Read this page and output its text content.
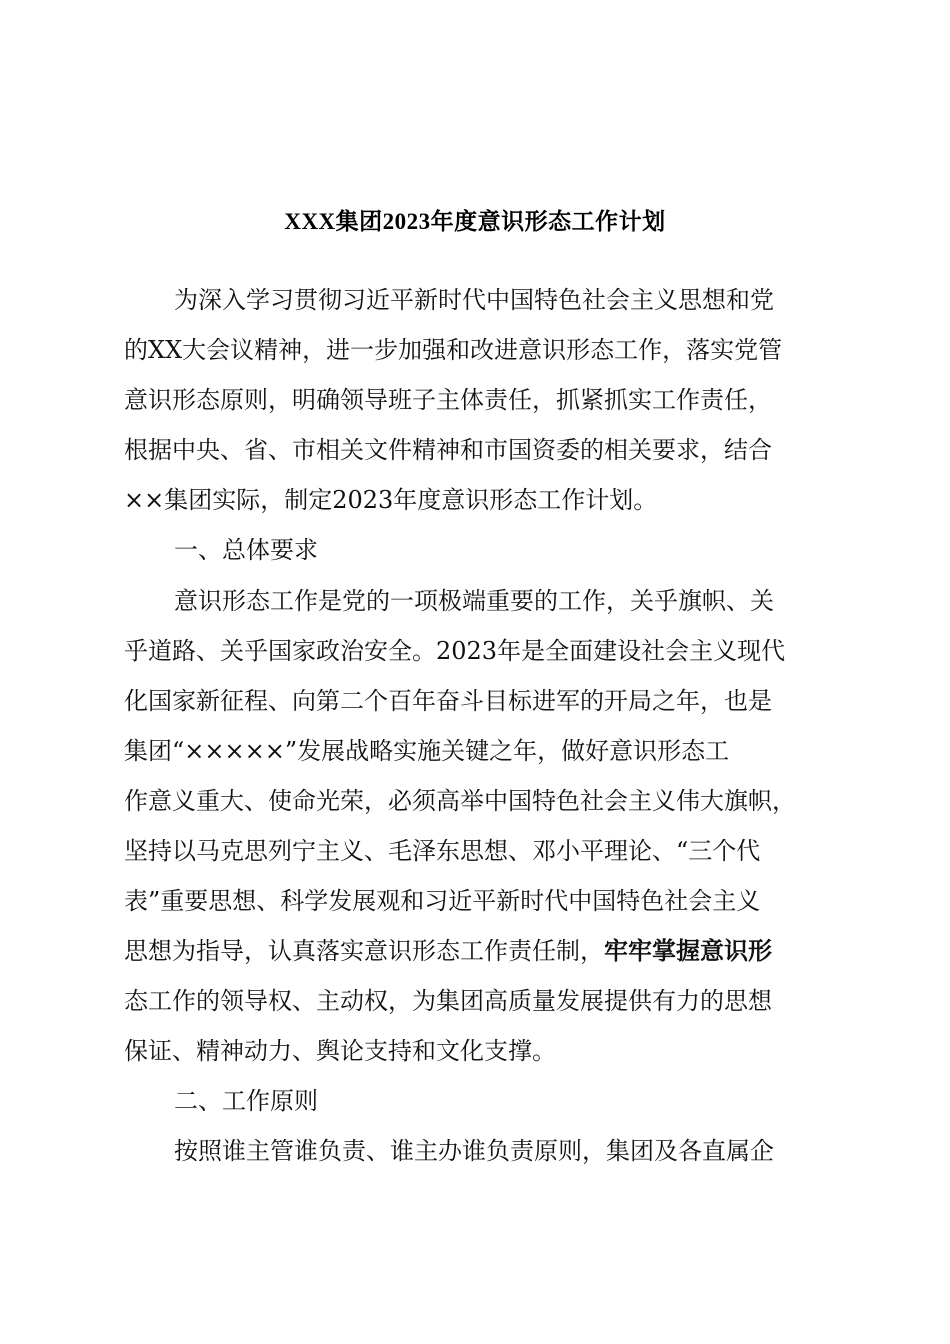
XXX集团2023年度意识形态工作计划
为深入学习贯彻习近平新时代中国特色社会主义思想和党
的XX大会议精神，进一步加强和改进意识形态工作，落实党管
意识形态原则，明确领导班子主体责任，抓紧抓实工作责任，
根据中央、省、市相关文件精神和市国资委的相关要求，结合
××集团实际，制定2023年度意识形态工作计划。
一、总体要求
意识形态工作是党的一项极端重要的工作，关乎旗帜、关
乎道路、关乎国家政治安全。2023年是全面建设社会主义现代
化国家新征程、向第二个百年奋斗目标进军的开局之年，也是
集团“×××××”发展战略实施关键之年，做好意识形态工
作意义重大、使命光荣，必须高举中国特色社会主义伟大旗帜，
坚持以马克思列宁主义、毛泽东思想、邓小平理论、“三个代
表”重要思想、科学发展观和习近平新时代中国特色社会主义
思想为指导，认真落实意识形态工作责任制，牢牢掌握意识形
态工作的领导权、主动权，为集团高质量发展提供有力的思想
保证、精神动力、舆论支持和文化支撑。
二、工作原则
按照谁主管谁负责、谁主办谁负责原则，集团及各直属企
